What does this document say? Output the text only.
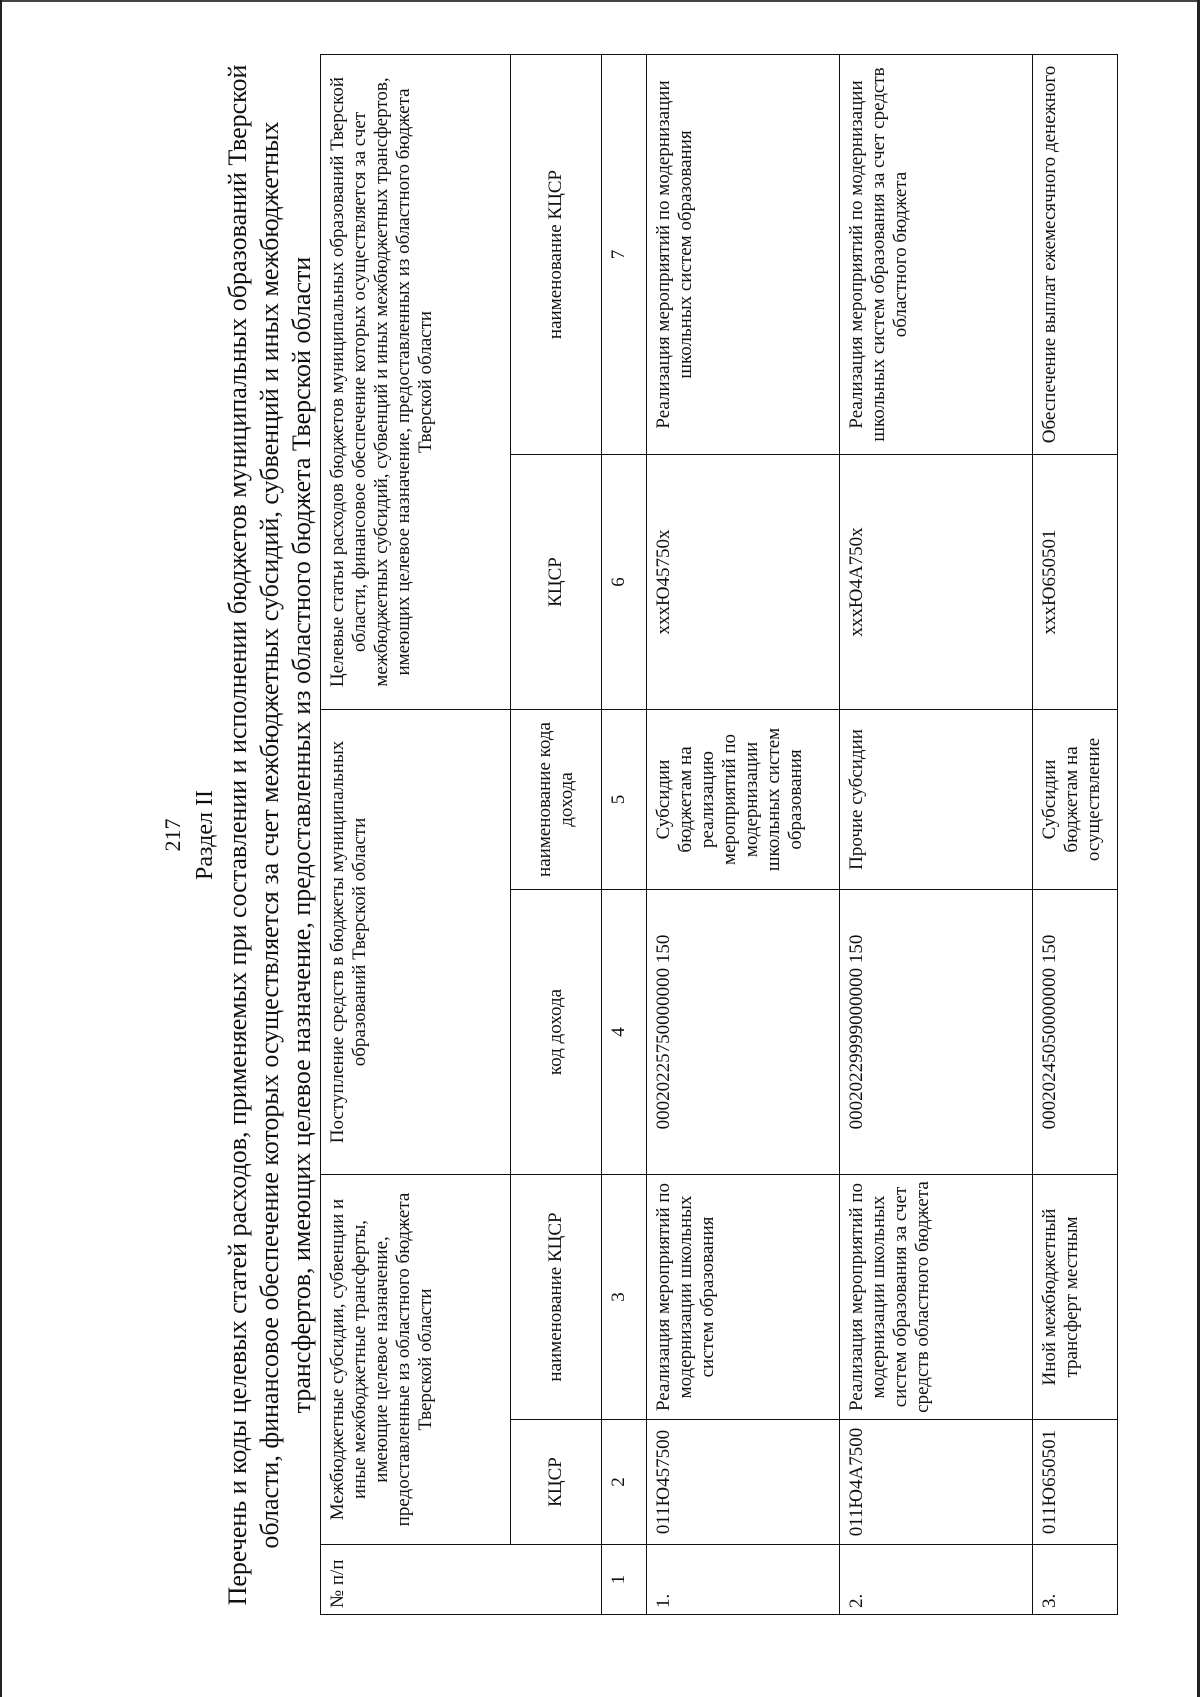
217 Раздел II Перечень и коды целевых статей расходов, применяемых при составлении и исполнении бюджетов муниципальных образований Тверской области, финансовое обеспечение которых осуществляется за счет межбюджетных субсидий, субвенций и иных межбюджетных трансфертов, имеющих целевое назначение, предоставленных из областного бюджета Тверской области
№ п/п	Межбюджетные субсидии, субвенции и иные межбюджетные трансферты, имеющие целевое назначение, предоставленные из областного бюджета Тверской области		Поступление средств в бюджеты муниципальных образований Тверской области		Целевые статьи расходов бюджетов муниципальных образований Тверской области, финансовое обеспечение которых осуществляется за счет межбюджетных субсидий, субвенций и иных межбюджетных трансфертов, имеющих целевое назначение, предоставленных из областного бюджета Тверской области	
	КЦСР	наименование КЦСР	код дохода	наименование кода дохода	КЦСР	наименование КЦСР
1	2	3	4	5	6	7
1.	011Ю457500	Реализация мероприятий по модернизации школьных систем образования	00020225750000000 150	Субсидии бюджетам на реализацию мероприятий по модернизации школьных систем образования	xxxЮ45750x	Реализация мероприятий по модернизации школьных систем образования
2.	011Ю4А7500	Реализация мероприятий по модернизации школьных систем образования за счет средств областного бюджета	00020229999000000 150	Прочие субсидии	xxxЮ4А750x	Реализация мероприятий по модернизации школьных систем образования за счет средств областного бюджета
3.	011Ю650501	Иной межбюджетный трансферт местным	00020245050000000 150	Субсидии бюджетам на осуществление	xxxЮ650501	Обеспечение выплат ежемесячного денежного
